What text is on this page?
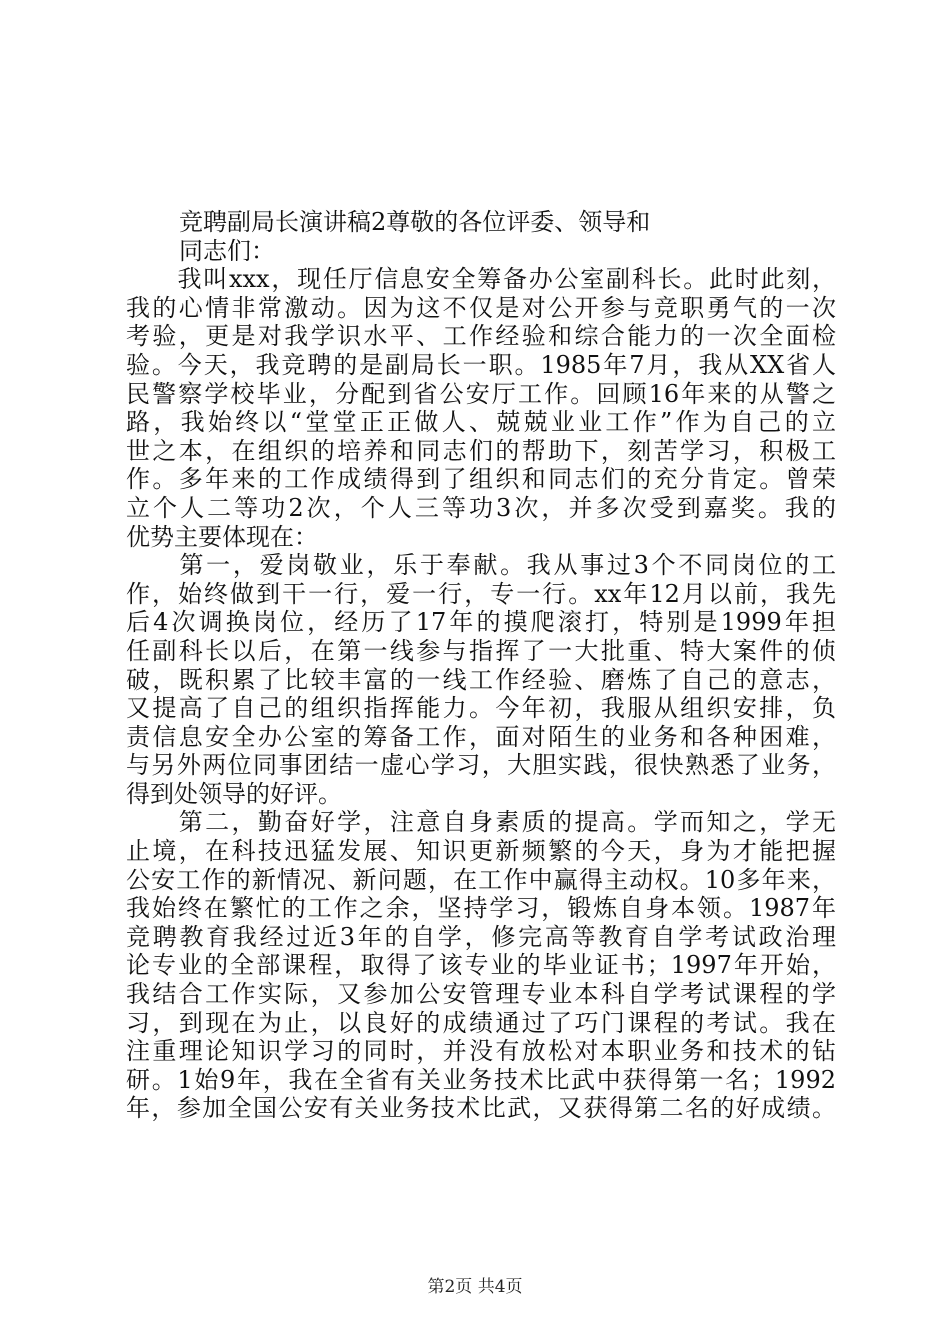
竞聘副局长演讲稿2尊敬的各位评委、领导和
同志们：
　　我叫xxx，现任厅信息安全筹备办公室副科长。此时此刻，
我的心情非常激动。因为这不仅是对公开参与竞职勇气的一次
考验，更是对我学识水平、工作经验和综合能力的一次全面检
验。今天，我竞聘的是副局长一职。1985年7月，我从XX省人
民警察学校毕业，分配到省公安厅工作。回顾16年来的从警之
路，我始终以“堂堂正正做人、兢兢业业工作”作为自己的立
世之本，在组织的培养和同志们的帮助下，刻苦学习，积极工
作。多年来的工作成绩得到了组织和同志们的充分肯定。曾荣
立个人二等功2次，个人三等功3次，并多次受到嘉奖。我的
优势主要体现在：
　　第一，爱岗敬业，乐于奉献。我从事过3个不同岗位的工
作，始终做到干一行，爱一行，专一行。xx年12月以前，我先
后4次调换岗位，经历了17年的摸爬滚打，特别是1999年担
任副科长以后，在第一线参与指挥了一大批重、特大案件的侦
破，既积累了比较丰富的一线工作经验、磨炼了自己的意志，
又提高了自己的组织指挥能力。今年初，我服从组织安排，负
责信息安全办公室的筹备工作，面对陌生的业务和各种困难，
与另外两位同事团结一虚心学习，大胆实践，很快熟悉了业务，
得到处领导的好评。
　　第二，勤奋好学，注意自身素质的提高。学而知之，学无
止境，在科技迅猛发展、知识更新频繁的今天，身为才能把握
公安工作的新情况、新问题，在工作中赢得主动权。10多年来，
我始终在繁忙的工作之余，坚持学习，锻炼自身本领。1987年
竞聘教育我经过近3年的自学，修完高等教育自学考试政治理
论专业的全部课程，取得了该专业的毕业证书；1997年开始，
我结合工作实际，又参加公安管理专业本科自学考试课程的学
习，到现在为止，以良好的成绩通过了巧门课程的考试。我在
注重理论知识学习的同时，并没有放松对本职业务和技术的钻
研。1始9年，我在全省有关业务技术比武中获得第一名；1992
年，参加全国公安有关业务技术比武，又获得第二名的好成绩。
第2页 共4页
